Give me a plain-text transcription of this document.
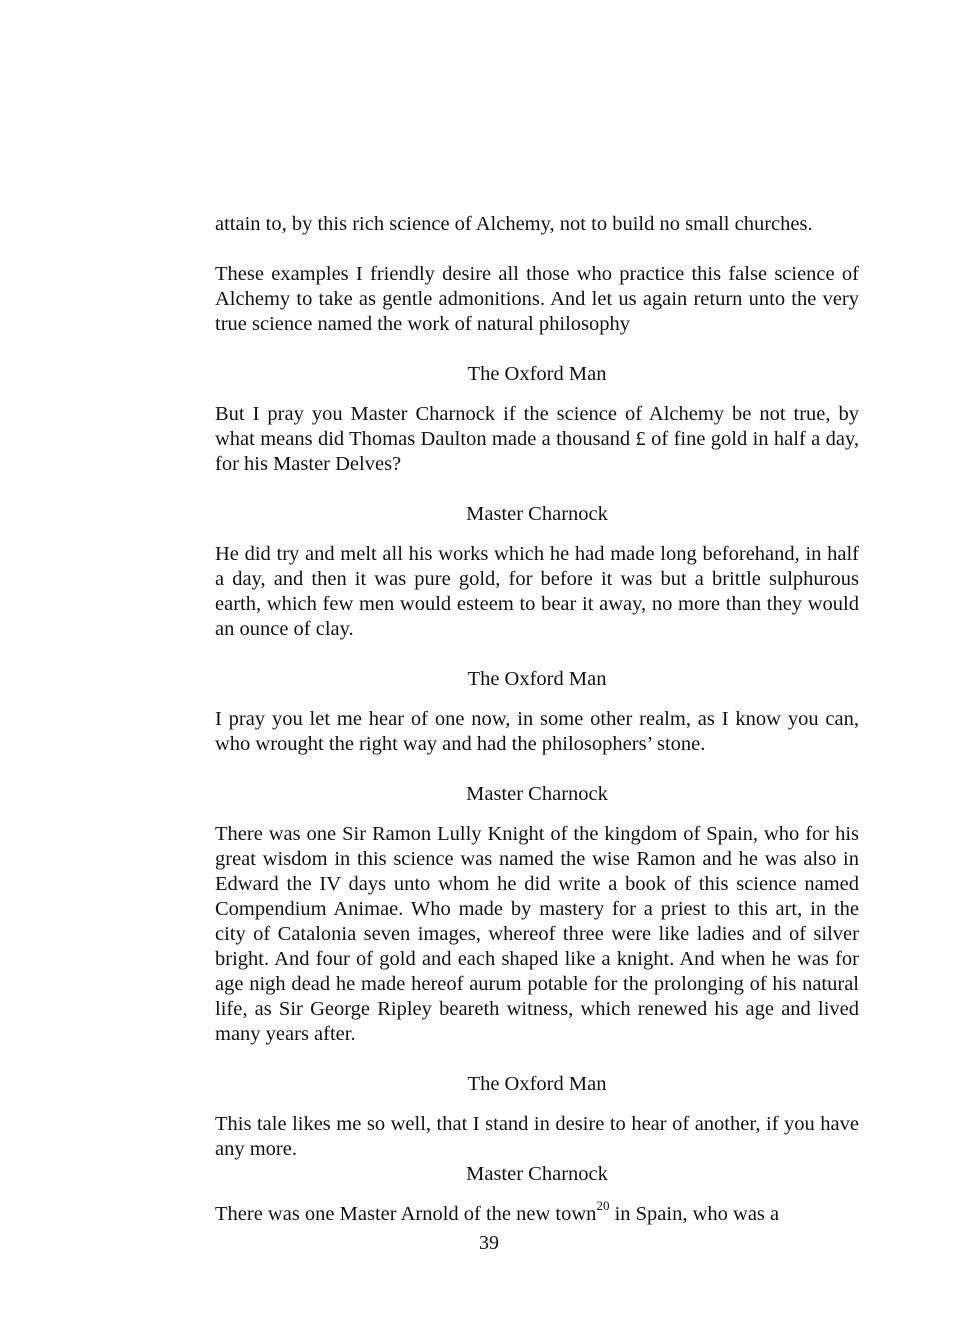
attain to, by this rich science of Alchemy, not to build no small churches.

These examples I friendly desire all those who practice this false science of Alchemy to take as gentle admonitions. And let us again return unto the very true science named the work of natural philosophy

The Oxford Man

But I pray you Master Charnock if the science of Alchemy be not true, by what means did Thomas Daulton made a thousand £ of fine gold in half a day, for his Master Delves?

Master Charnock

He did try and melt all his works which he had made long beforehand, in half a day, and then it was pure gold, for before it was but a brittle sulphurous earth, which few men would esteem to bear it away, no more than they would an ounce of clay.

The Oxford Man

I pray you let me hear of one now, in some other realm, as I know you can, who wrought the right way and had the philosophers’ stone.

Master Charnock

There was one Sir Ramon Lully Knight of the kingdom of Spain, who for his great wisdom in this science was named the wise Ramon and he was also in Edward the IV days unto whom he did write a book of this science named Compendium Animae. Who made by mastery for a priest to this art, in the city of Catalonia seven images, whereof three were like ladies and of silver bright. And four of gold and each shaped like a knight. And when he was for age nigh dead he made hereof aurum potable for the prolonging of his natural life, as Sir George Ripley beareth witness, which renewed his age and lived many years after.

The Oxford Man

This tale likes me so well, that I stand in desire to hear of another, if you have any more.

Master Charnock

There was one Master Arnold of the new town$^{20}$ in Spain, who was a

39
